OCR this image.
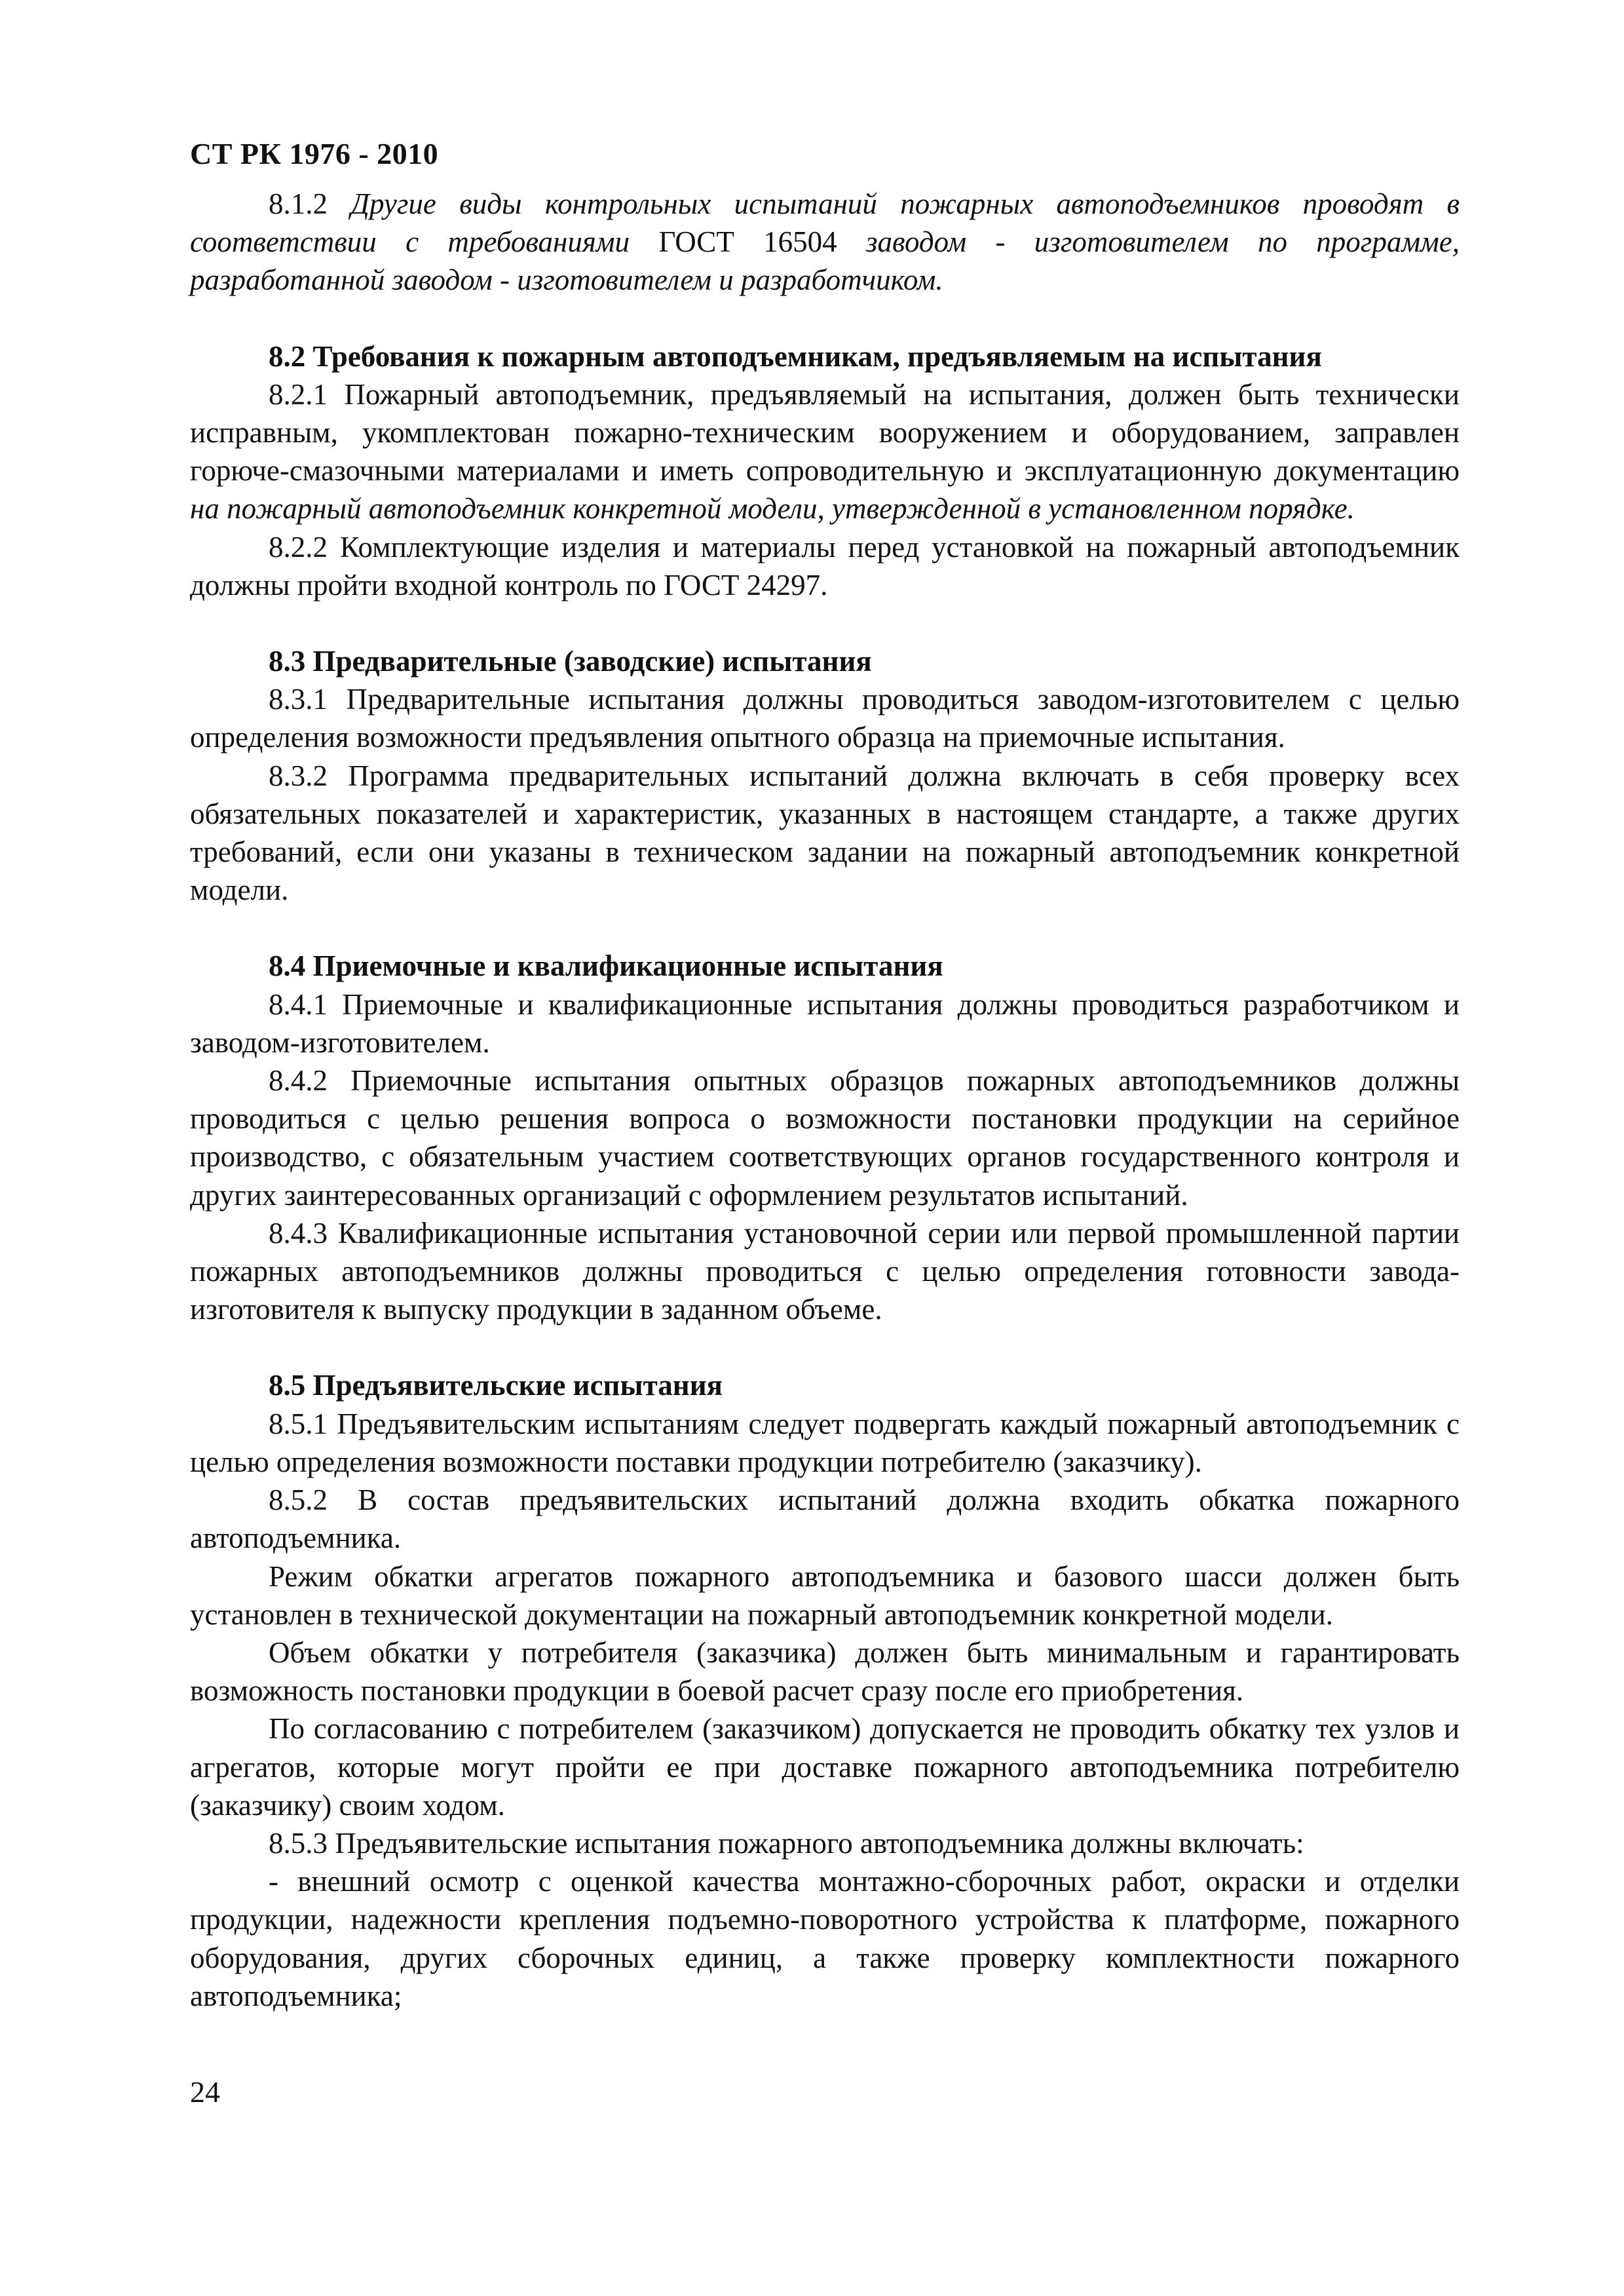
СТ РК 1976 - 2010

8.1.2 Другие виды контрольных испытаний пожарных автоподъемников проводят в соответствии с требованиями ГОСТ 16504 заводом - изготовителем по программе, разработанной заводом - изготовителем и разработчиком.

8.2 Требования к пожарным автоподъемникам, предъявляемым на испытания

8.2.1 Пожарный автоподъемник, предъявляемый на испытания, должен быть технически исправным, укомплектован пожарно-техническим вооружением и оборудованием, заправлен горюче-смазочными материалами и иметь сопроводительную и эксплуатационную документацию на пожарный автоподъемник конкретной модели, утвержденной в установленном порядке.

8.2.2 Комплектующие изделия и материалы перед установкой на пожарный автоподъемник должны пройти входной контроль по ГОСТ 24297.

8.3 Предварительные (заводские) испытания

8.3.1 Предварительные испытания должны проводиться заводом-изготовителем с целью определения возможности предъявления опытного образца на приемочные испытания.

8.3.2 Программа предварительных испытаний должна включать в себя проверку всех обязательных показателей и характеристик, указанных в настоящем стандарте, а также других требований, если они указаны в техническом задании на пожарный автоподъемник конкретной модели.

8.4 Приемочные и квалификационные испытания

8.4.1 Приемочные и квалификационные испытания должны проводиться разработчиком и заводом-изготовителем.

8.4.2 Приемочные испытания опытных образцов пожарных автоподъемников должны проводиться с целью решения вопроса о возможности постановки продукции на серийное производство, с обязательным участием соответствующих органов государственного контроля и других заинтересованных организаций с оформлением результатов испытаний.

8.4.3 Квалификационные испытания установочной серии или первой промышленной партии пожарных автоподъемников должны проводиться с целью определения готовности завода-изготовителя к выпуску продукции в заданном объеме.

8.5 Предъявительские испытания

8.5.1 Предъявительским испытаниям следует подвергать каждый пожарный автоподъемник с целью определения возможности поставки продукции потребителю (заказчику).

8.5.2 В состав предъявительских испытаний должна входить обкатка пожарного автоподъемника.

Режим обкатки агрегатов пожарного автоподъемника и базового шасси должен быть установлен в технической документации на пожарный автоподъемник конкретной модели.

Объем обкатки у потребителя (заказчика) должен быть минимальным и гарантировать возможность постановки продукции в боевой расчет сразу после его приобретения.

По согласованию с потребителем (заказчиком) допускается не проводить обкатку тех узлов и агрегатов, которые могут пройти ее при доставке пожарного автоподъемника потребителю (заказчику) своим ходом.

8.5.3 Предъявительские испытания пожарного автоподъемника должны включать:

- внешний осмотр с оценкой качества монтажно-сборочных работ, окраски и отделки продукции, надежности крепления подъемно-поворотного устройства к платформе, пожарного оборудования, других сборочных единиц, а также проверку комплектности пожарного автоподъемника;

24
